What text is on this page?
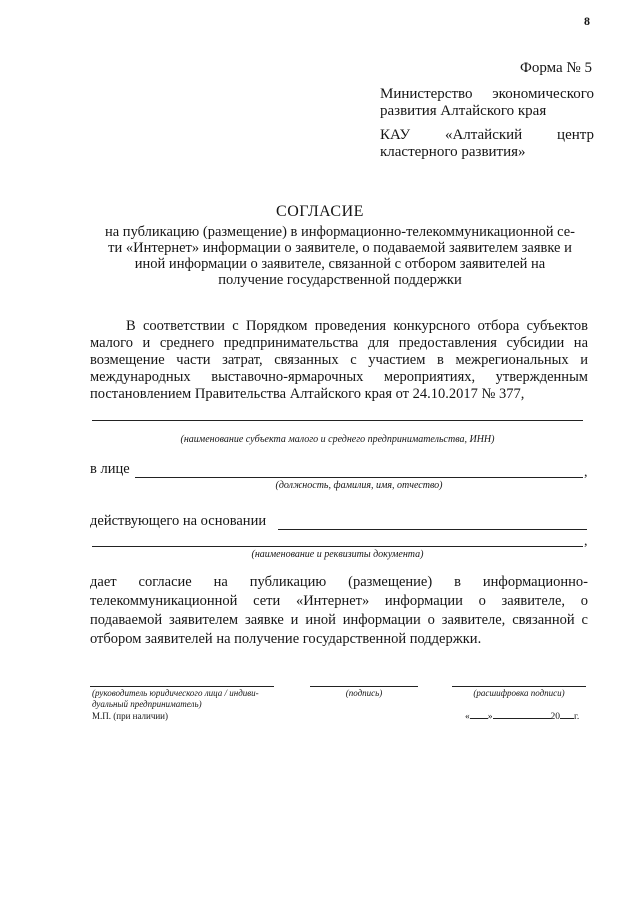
8
Форма № 5
Министерство экономического
развития Алтайского края
КАУ «Алтайский центр
кластерного развития»
СОГЛАСИЕ
на публикацию (размещение) в информационно-телекоммуникационной се-
ти «Интернет» информации о заявителе, о подаваемой заявителем заявке и
иной информации о заявителе, связанной с отбором заявителей на
получение государственной поддержки
В соответствии с Порядком проведения конкурсного отбора субъектов малого и среднего предпринимательства для предоставления субсидии на возмещение части затрат, связанных с участием в межрегиональных и международных выставочно-ярмарочных мероприятиях, утвержденным постановлением Правительства Алтайского края от 24.10.2017 № 377,
(наименование субъекта малого и среднего предпринимательства, ИНН)
в лице	,
(должность, фамилия, имя, отчество)
действующего на основании
,
(наименование и реквизиты документа)
дает согласие на публикацию (размещение) в информационно-телекоммуникационной сети «Интернет» информации о заявителе, о подаваемой заявителем заявке и иной информации о заявителе, связанной с отбором заявителей на получение государственной поддержки.
(руководитель юридического лица / индиви-
дуальный предприниматель)
М.П. (при наличии)
(подпись)	(расшифровка подписи)
« »	20 г.
